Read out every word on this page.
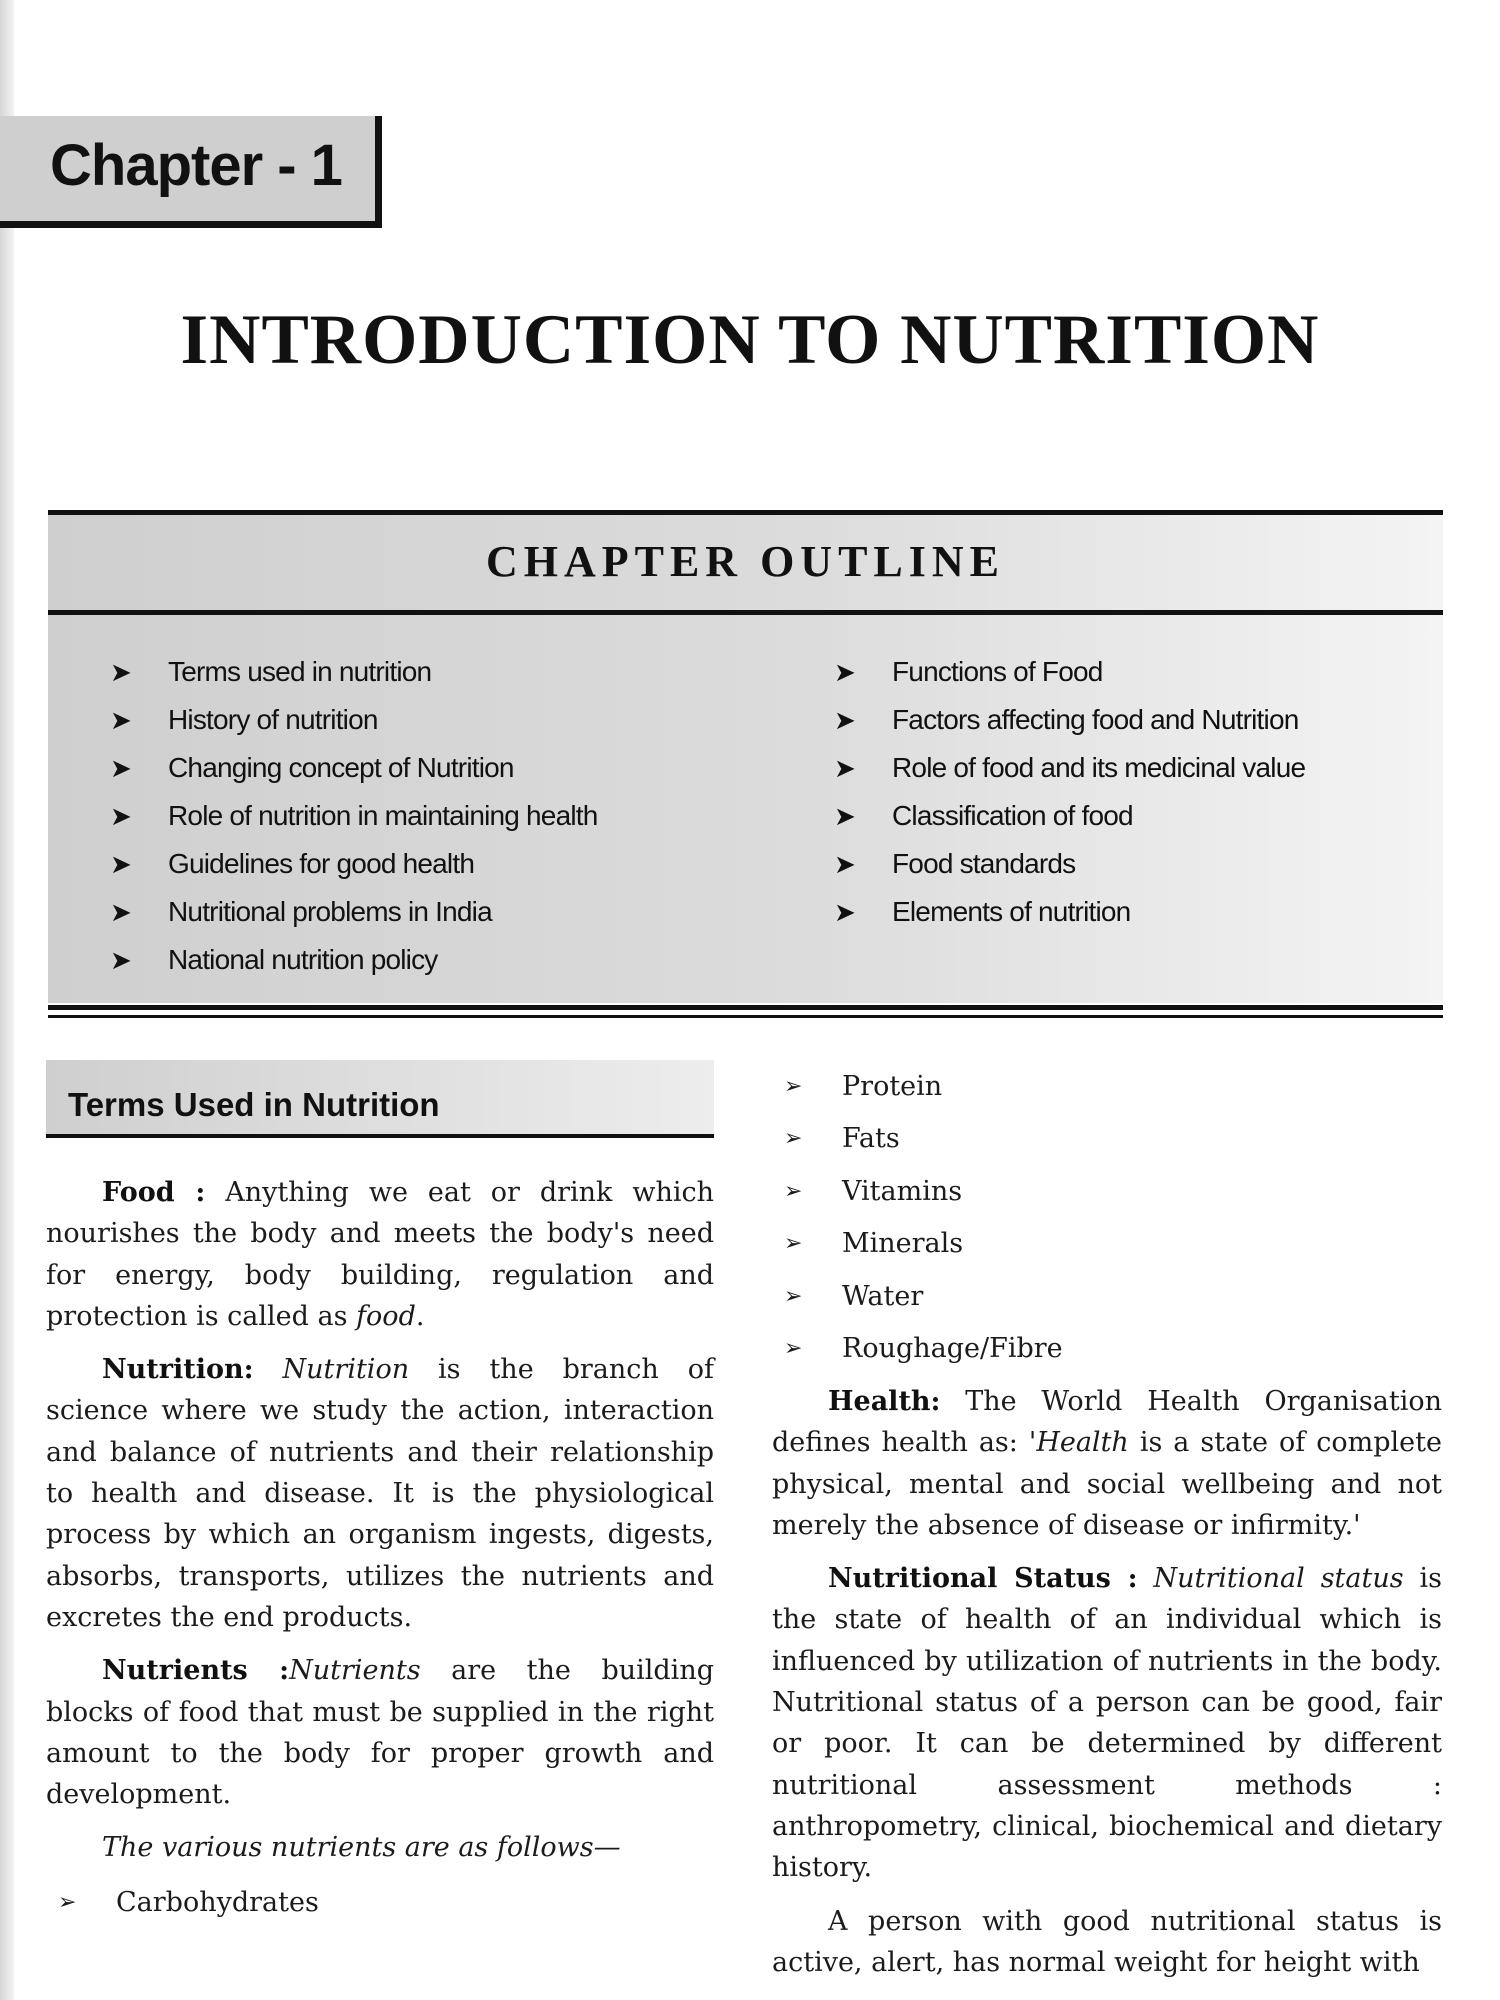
Chapter - 1
INTRODUCTION TO NUTRITION
CHAPTER OUTLINE
➤	Terms used in nutrition
➤	History of nutrition
➤	Changing concept of Nutrition
➤	Role of nutrition in maintaining health
➤	Guidelines for good health
➤	Nutritional problems in India
➤	National nutrition policy
➤	Functions of Food
➤	Factors affecting food and Nutrition
➤	Role of food and its medicinal value
➤	Classification of food
➤	Food standards
➤	Elements of nutrition
Terms Used in Nutrition

Food : Anything we eat or drink which nourishes the body and meets the body's need for energy, body building, regulation and protection is called as food.

Nutrition: Nutrition is the branch of science where we study the action, interaction and balance of nutrients and their relationship to health and disease. It is the physiological process by which an organism ingests, digests, absorbs, transports, utilizes the nutrients and excretes the end products.

Nutrients :Nutrients are the building blocks of food that must be supplied in the right amount to the body for proper growth and development.

The various nutrients are as follows—

➢	Carbohydrates
➢	Protein
➢	Fats
➢	Vitamins
➢	Minerals
➢	Water
➢	Roughage/Fibre

Health: The World Health Organisation defines health as: 'Health is a state of complete physical, mental and social wellbeing and not merely the absence of disease or infirmity.'

Nutritional Status : Nutritional status is the state of health of an individual which is influenced by utilization of nutrients in the body. Nutritional status of a person can be good, fair or poor. It can be determined by different nutritional assessment methods : anthropometry, clinical, biochemical and dietary history.

A person with good nutritional status is active, alert, has normal weight for height with
